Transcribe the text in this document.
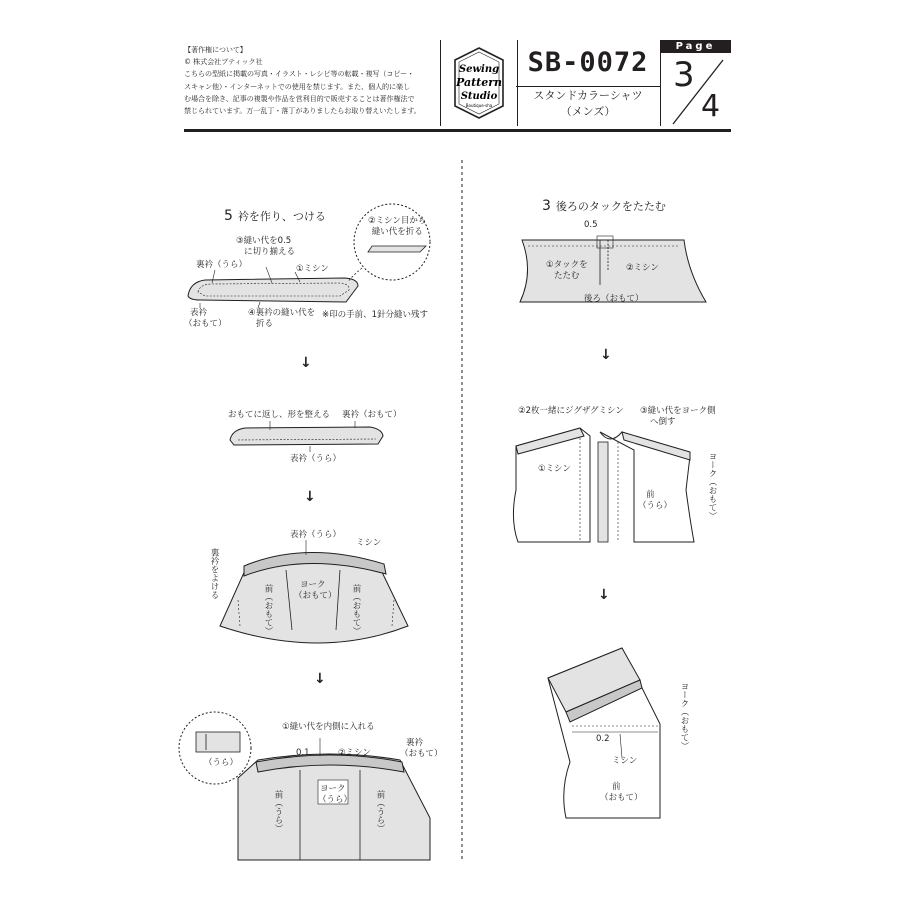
【著作権について】
© 株式会社ブティック社
こちらの型紙に掲載の写真・イラスト・レシピ等の転載・複写（コピー・
スキャン他）・インターネットでの使用を禁じます。また、個人的に楽し
む場合を除き、記事の複製や作品を営利目的で販売することは著作権法で
禁じられています。万一乱丁・落丁がありましたらお取り替えいたします。
Sewing
Pattern
Studio
Boutique-sha
SB-0072
スタンドカラーシャツ
（メンズ）
3
4
Page
5 衿を作り、つける	②ミシン目から
縫い代を折る
③縫い代を0.5
に切り揃える
裏衿（うら）	①ミシン
表衿
（おもて）
④裏衿の縫い代を
折る
※印の手前、1針分縫い残す
↓
おもてに返し、形を整える 裏衿（おもて）
表衿（うら）
↓
表衿（うら）
ミシン
裏衿をよける	ヨーク
（おもて）
前（おもて）	前（おもて）
↓
①縫い代を内側に入れる
0.1	②ミシン
裏衿
（おもて）
（うら）
ヨーク
（うら）
前（うら）	前（うら）
3 後ろのタックをたたむ
0.5
①タックを
たたむ
②ミシン
後ろ（おもて）
↓
②2枚一緒にジグザグミシン ③縫い代をヨーク側
へ倒す
①ミシン	ヨーク（おもて）
前
（うら）
↓
ヨーク（おもて）
0.2
ミシン
前
（おもて）
